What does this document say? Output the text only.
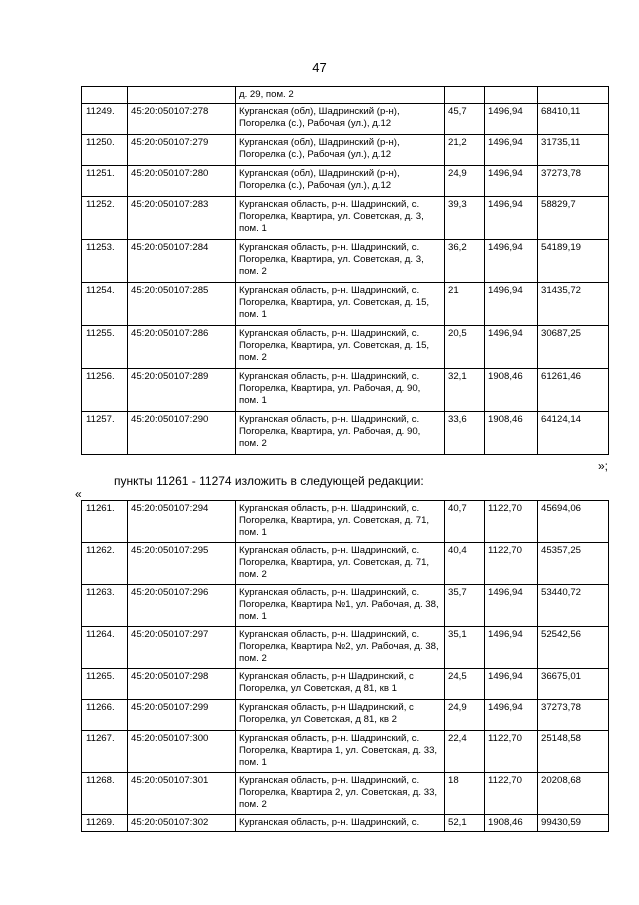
47
		д. 29, пом. 2			
11249.	45:20:050107:278	Курганская (обл), Шадринский (р-н), Погорелка (с.), Рабочая (ул.), д.12	45,7	1496,94	68410,11
11250.	45:20:050107:279	Курганская (обл), Шадринский (р-н), Погорелка (с.), Рабочая (ул.), д.12	21,2	1496,94	31735,11
11251.	45:20:050107:280	Курганская (обл), Шадринский (р-н), Погорелка (с.), Рабочая (ул.), д.12	24,9	1496,94	37273,78
11252.	45:20:050107:283	Курганская область, р-н. Шадринский, с. Погорелка, Квартира, ул. Советская, д. 3, пом. 1	39,3	1496,94	58829,7
11253.	45:20:050107:284	Курганская область, р-н. Шадринский, с. Погорелка, Квартира, ул. Советская, д. 3, пом. 2	36,2	1496,94	54189,19
11254.	45:20:050107:285	Курганская область, р-н. Шадринский, с. Погорелка, Квартира, ул. Советская, д. 15, пом. 1	21	1496,94	31435,72
11255.	45:20:050107:286	Курганская область, р-н. Шадринский, с. Погорелка, Квартира, ул. Советская, д. 15, пом. 2	20,5	1496,94	30687,25
11256.	45:20:050107:289	Курганская область, р-н. Шадринский, с. Погорелка, Квартира, ул. Рабочая, д. 90, пом. 1	32,1	1908,46	61261,46
11257.	45:20:050107:290	Курганская область, р-н. Шадринский, с. Погорелка, Квартира, ул. Рабочая, д. 90, пом. 2	33,6	1908,46	64124,14
»;
пункты 11261 - 11274 изложить в следующей редакции:
«
11261.	45:20:050107:294	Курганская область, р-н. Шадринский, с. Погорелка, Квартира, ул. Советская, д. 71, пом. 1	40,7	1122,70	45694,06
11262.	45:20:050107:295	Курганская область, р-н. Шадринский, с. Погорелка, Квартира, ул. Советская, д. 71, пом. 2	40,4	1122,70	45357,25
11263.	45:20:050107:296	Курганская область, р-н. Шадринский, с. Погорелка, Квартира №1, ул. Рабочая, д. 38, пом. 1	35,7	1496,94	53440,72
11264.	45:20:050107:297	Курганская область, р-н. Шадринский, с. Погорелка, Квартира №2, ул. Рабочая, д. 38, пом. 2	35,1	1496,94	52542,56
11265.	45:20:050107:298	Курганская область, р-н Шадринский, с Погорелка, ул Советская, д 81, кв 1	24,5	1496,94	36675,01
11266.	45:20:050107:299	Курганская область, р-н Шадринский, с Погорелка, ул Советская, д 81, кв 2	24,9	1496,94	37273,78
11267.	45:20:050107:300	Курганская область, р-н. Шадринский, с. Погорелка, Квартира 1, ул. Советская, д. 33, пом. 1	22,4	1122,70	25148,58
11268.	45:20:050107:301	Курганская область, р-н. Шадринский, с. Погорелка, Квартира 2, ул. Советская, д. 33, пом. 2	18	1122,70	20208,68
11269.	45:20:050107:302	Курганская область, р-н. Шадринский, с.	52,1	1908,46	99430,59
